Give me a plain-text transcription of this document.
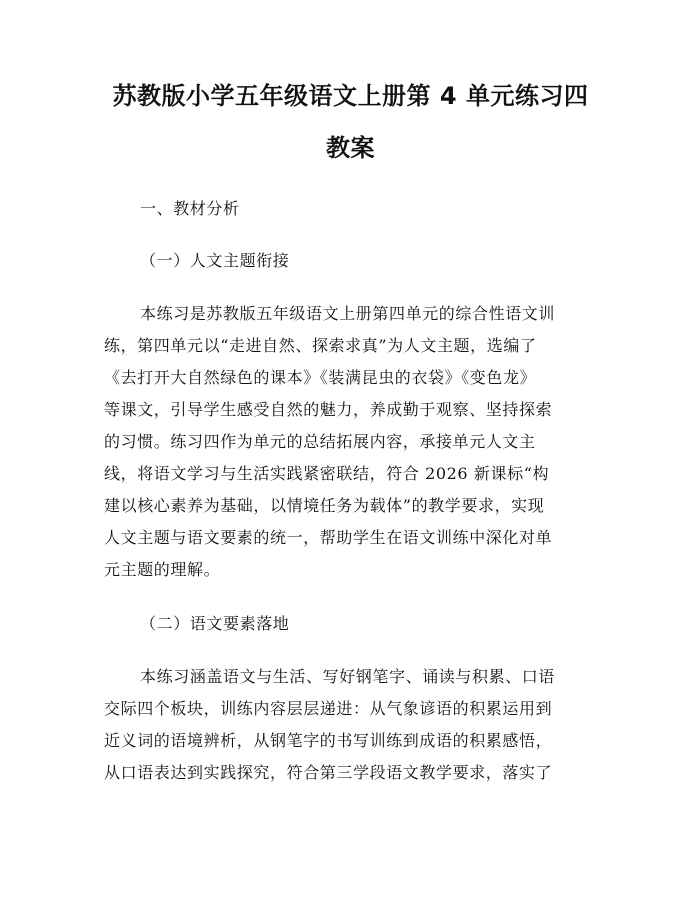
苏教版小学五年级语文上册第 4 单元练习四
教案

一、教材分析

（一）人文主题衔接

本练习是苏教版五年级语文上册第四单元的综合性语文训
练，第四单元以“走进自然、探索求真”为人文主题，选编了
《去打开大自然绿色的课本》《装满昆虫的衣袋》《变色龙》
等课文，引导学生感受自然的魅力，养成勤于观察、坚持探索
的习惯。练习四作为单元的总结拓展内容，承接单元人文主
线，将语文学习与生活实践紧密联结，符合 2026 新课标“构
建以核心素养为基础，以情境任务为载体”的教学要求，实现
人文主题与语文要素的统一，帮助学生在语文训练中深化对单
元主题的理解。

（二）语文要素落地

本练习涵盖语文与生活、写好钢笔字、诵读与积累、口语
交际四个板块，训练内容层层递进：从气象谚语的积累运用到
近义词的语境辨析，从钢笔字的书写训练到成语的积累感悟，
从口语表达到实践探究，符合第三学段语文教学要求，落实了
